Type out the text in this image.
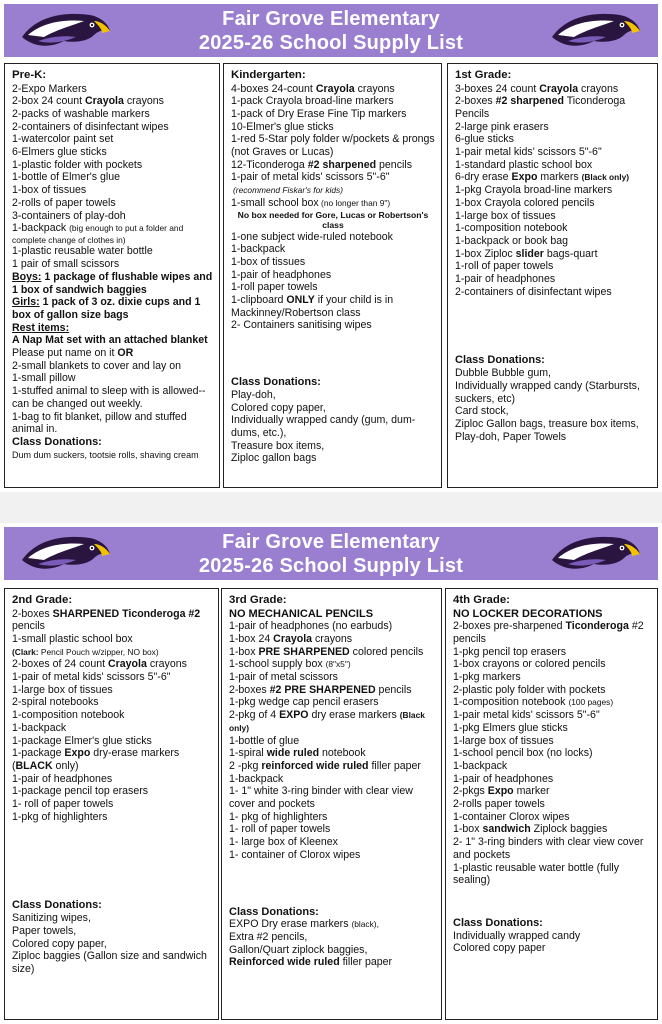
Fair Grove Elementary
2025-26 School Supply List
Pre-K:
2-Expo Markers
2-box 24 count Crayola crayons
2-packs of washable markers
2-containers of disinfectant wipes
1-watercolor paint set
6-Elmers glue sticks
1-plastic folder with pockets
1-bottle of Elmer's glue
1-box of tissues
2-rolls of paper towels
3-containers of play-doh
1-backpack (big enough to put a folder and complete change of clothes in)
1-plastic reusable water bottle
1 pair of small scissors
Boys: 1 package of flushable wipes and 1 box of sandwich baggies
Girls: 1 pack of 3 oz. dixie cups and 1 box of gallon size bags
Rest items:
A Nap Mat set with an attached blanket Please put name on it OR
2-small blankets to cover and lay on
1-small pillow
1-stuffed animal to sleep with is allowed--can be changed out weekly.
1-bag to fit blanket, pillow and stuffed animal in.
Class Donations:
Dum dum suckers, tootsie rolls, shaving cream
Kindergarten:
4-boxes 24-count Crayola crayons
1-pack Crayola broad-line markers
1-pack of Dry Erase Fine Tip markers
10-Elmer's glue sticks
1-red 5-Star poly folder w/pockets & prongs (not Graves or Lucas)
12-Ticonderoga #2 sharpened pencils
1-pair of metal kids' scissors 5"-6"
(recommend Fiskar's for kids)
1-small school box (no longer than 9")
No box needed for Gore, Lucas or Robertson's class
1-one subject wide-ruled notebook
1-backpack
1-box of tissues
1-pair of headphones
1-roll paper towels
1-clipboard ONLY if your child is in Mackinney/Robertson class
2- Containers sanitising wipes
Class Donations:
Play-doh,
Colored copy paper,
Individually wrapped candy (gum, dum-dums, etc.),
Treasure box items,
Ziploc gallon bags
1st Grade:
3-boxes 24 count Crayola crayons
2-boxes #2 sharpened Ticonderoga Pencils
2-large pink erasers
6-glue sticks
1-pair metal kids' scissors 5"-6"
1-standard plastic school box
6-dry erase Expo markers (Black only)
1-pkg Crayola broad-line markers
1-box Crayola colored pencils
1-large box of tissues
1-composition notebook
1-backpack or book bag
1-box Ziploc slider bags-quart
1-roll of paper towels
1-pair of headphones
2-containers of disinfectant wipes
Class Donations:
Dubble Bubble gum,
Individually wrapped candy (Starbursts, suckers, etc)
Card stock,
Ziploc Gallon bags, treasure box items,
Play-doh, Paper Towels
Fair Grove Elementary
2025-26 School Supply List
2nd Grade:
2-boxes SHARPENED Ticonderoga #2 pencils
1-small plastic school box
(Clark: Pencil Pouch w/zipper, NO box)
2-boxes of 24 count Crayola crayons
1-pair of metal kids' scissors 5"-6"
1-large box of tissues
2-spiral notebooks
1-composition notebook
1-backpack
1-package Elmer's glue sticks
1-package Expo dry-erase markers (BLACK only)
1-pair of headphones
1-package pencil top erasers
1- roll of paper towels
1-pkg of highlighters
Class Donations:
Sanitizing wipes,
Paper towels,
Colored copy paper,
Ziploc baggies (Gallon size and sandwich size)
3rd Grade:
NO MECHANICAL PENCILS
1-pair of headphones (no earbuds)
1-box 24 Crayola crayons
1-box PRE SHARPENED colored pencils
1-school supply box (8"x5")
1-pair of metal scissors
2-boxes #2 PRE SHARPENED pencils
1-pkg wedge cap pencil erasers
2-pkg of 4 EXPO dry erase markers (Black only)
1-bottle of glue
1-spiral wide ruled notebook
2 -pkg reinforced wide ruled filler paper
1-backpack
1- 1" white 3-ring binder with clear view cover and pockets
1- pkg of highlighters
1- roll of paper towels
1- large box of Kleenex
1- container of Clorox wipes
Class Donations:
EXPO Dry erase markers (black),
Extra #2 pencils,
Gallon/Quart ziplock baggies,
Reinforced wide ruled filler paper
4th Grade:
NO LOCKER DECORATIONS
2-boxes pre-sharpened Ticonderoga #2 pencils
1-pkg pencil top erasers
1-box crayons or colored pencils
1-pkg markers
2-plastic poly folder with pockets
1-composition notebook (100 pages)
1-pair metal kids' scissors 5"-6"
1-pkg Elmers glue sticks
1-large box of tissues
1-school pencil box (no locks)
1-backpack
1-pair of headphones
2-pkgs Expo marker
2-rolls paper towels
1-container Clorox wipes
1-box sandwich Ziplock baggies
2- 1" 3-ring binders with clear view cover and pockets
1-plastic reusable water bottle (fully sealing)
Class Donations:
Individually wrapped candy
Colored copy paper
